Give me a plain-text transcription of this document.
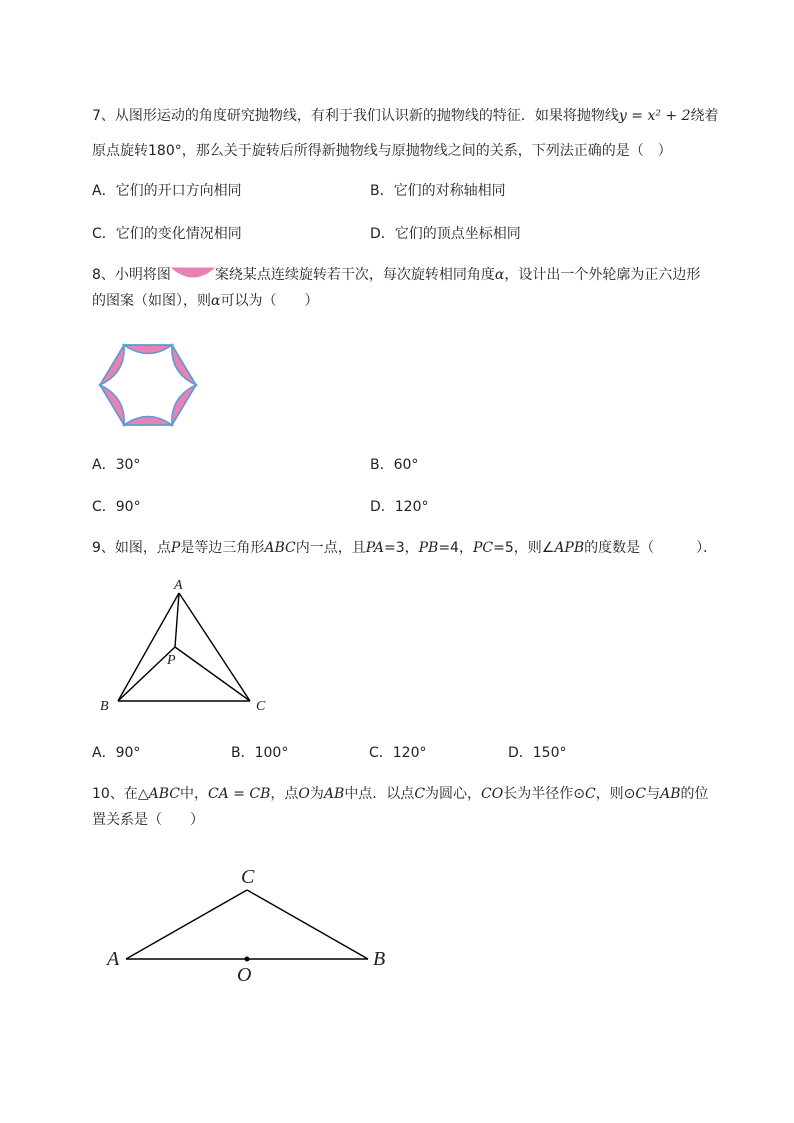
7、从图形运动的角度研究抛物线，有利于我们认识新的抛物线的特征．如果将抛物线y = x² + 2绕着
原点旋转180°，那么关于旋转后所得新抛物线与原抛物线之间的关系，下列法正确的是（　）
A．它们的开口方向相同	B．它们的对称轴相同
C．它们的变化情况相同	D．它们的顶点坐标相同
8、小明将图	案绕某点连续旋转若干次，每次旋转相同角度α，设计出一个外轮廓为正六边形
的图案（如图），则α可以为（　　）
A．30°	B．60°
C．90°	D．120°
9、如图，点P是等边三角形ABC内一点，且PA=3，PB=4，PC=5，则∠APB的度数是（　　　）．
A
B	C
P
A．90°	B．100°	C．120°	D．150°
10、在△ABC中，CA = CB，点O为AB中点．以点C为圆心，CO长为半径作⊙C，则⊙C与AB的位
置关系是（　　）
C
A	B
O
